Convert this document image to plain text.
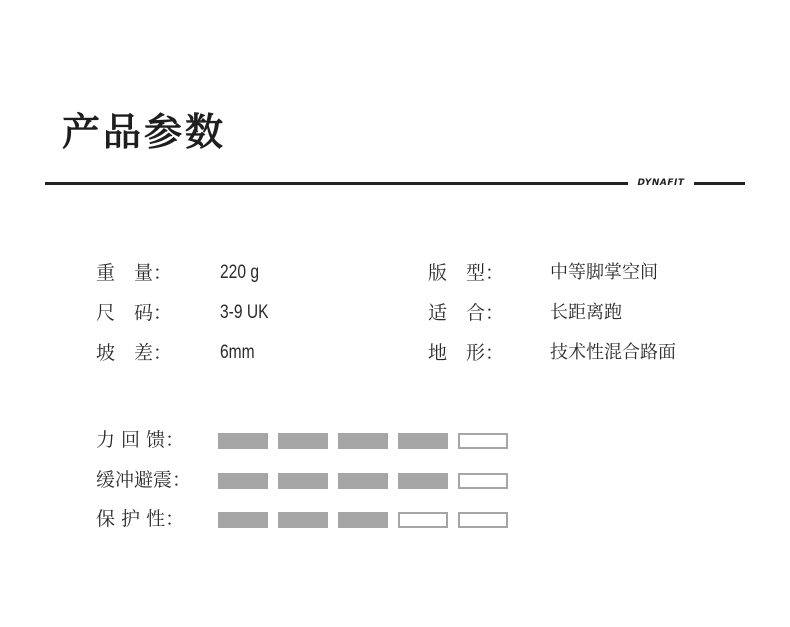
产品参数
DYNAFIT
重　量：	220 g
尺　码：	3-9 UK
坡　差：	6mm
版　型：	中等脚掌空间
适　合：	长距离跑
地　形：	技术性混合路面
力 回 馈：
缓冲避震：
保 护 性：
